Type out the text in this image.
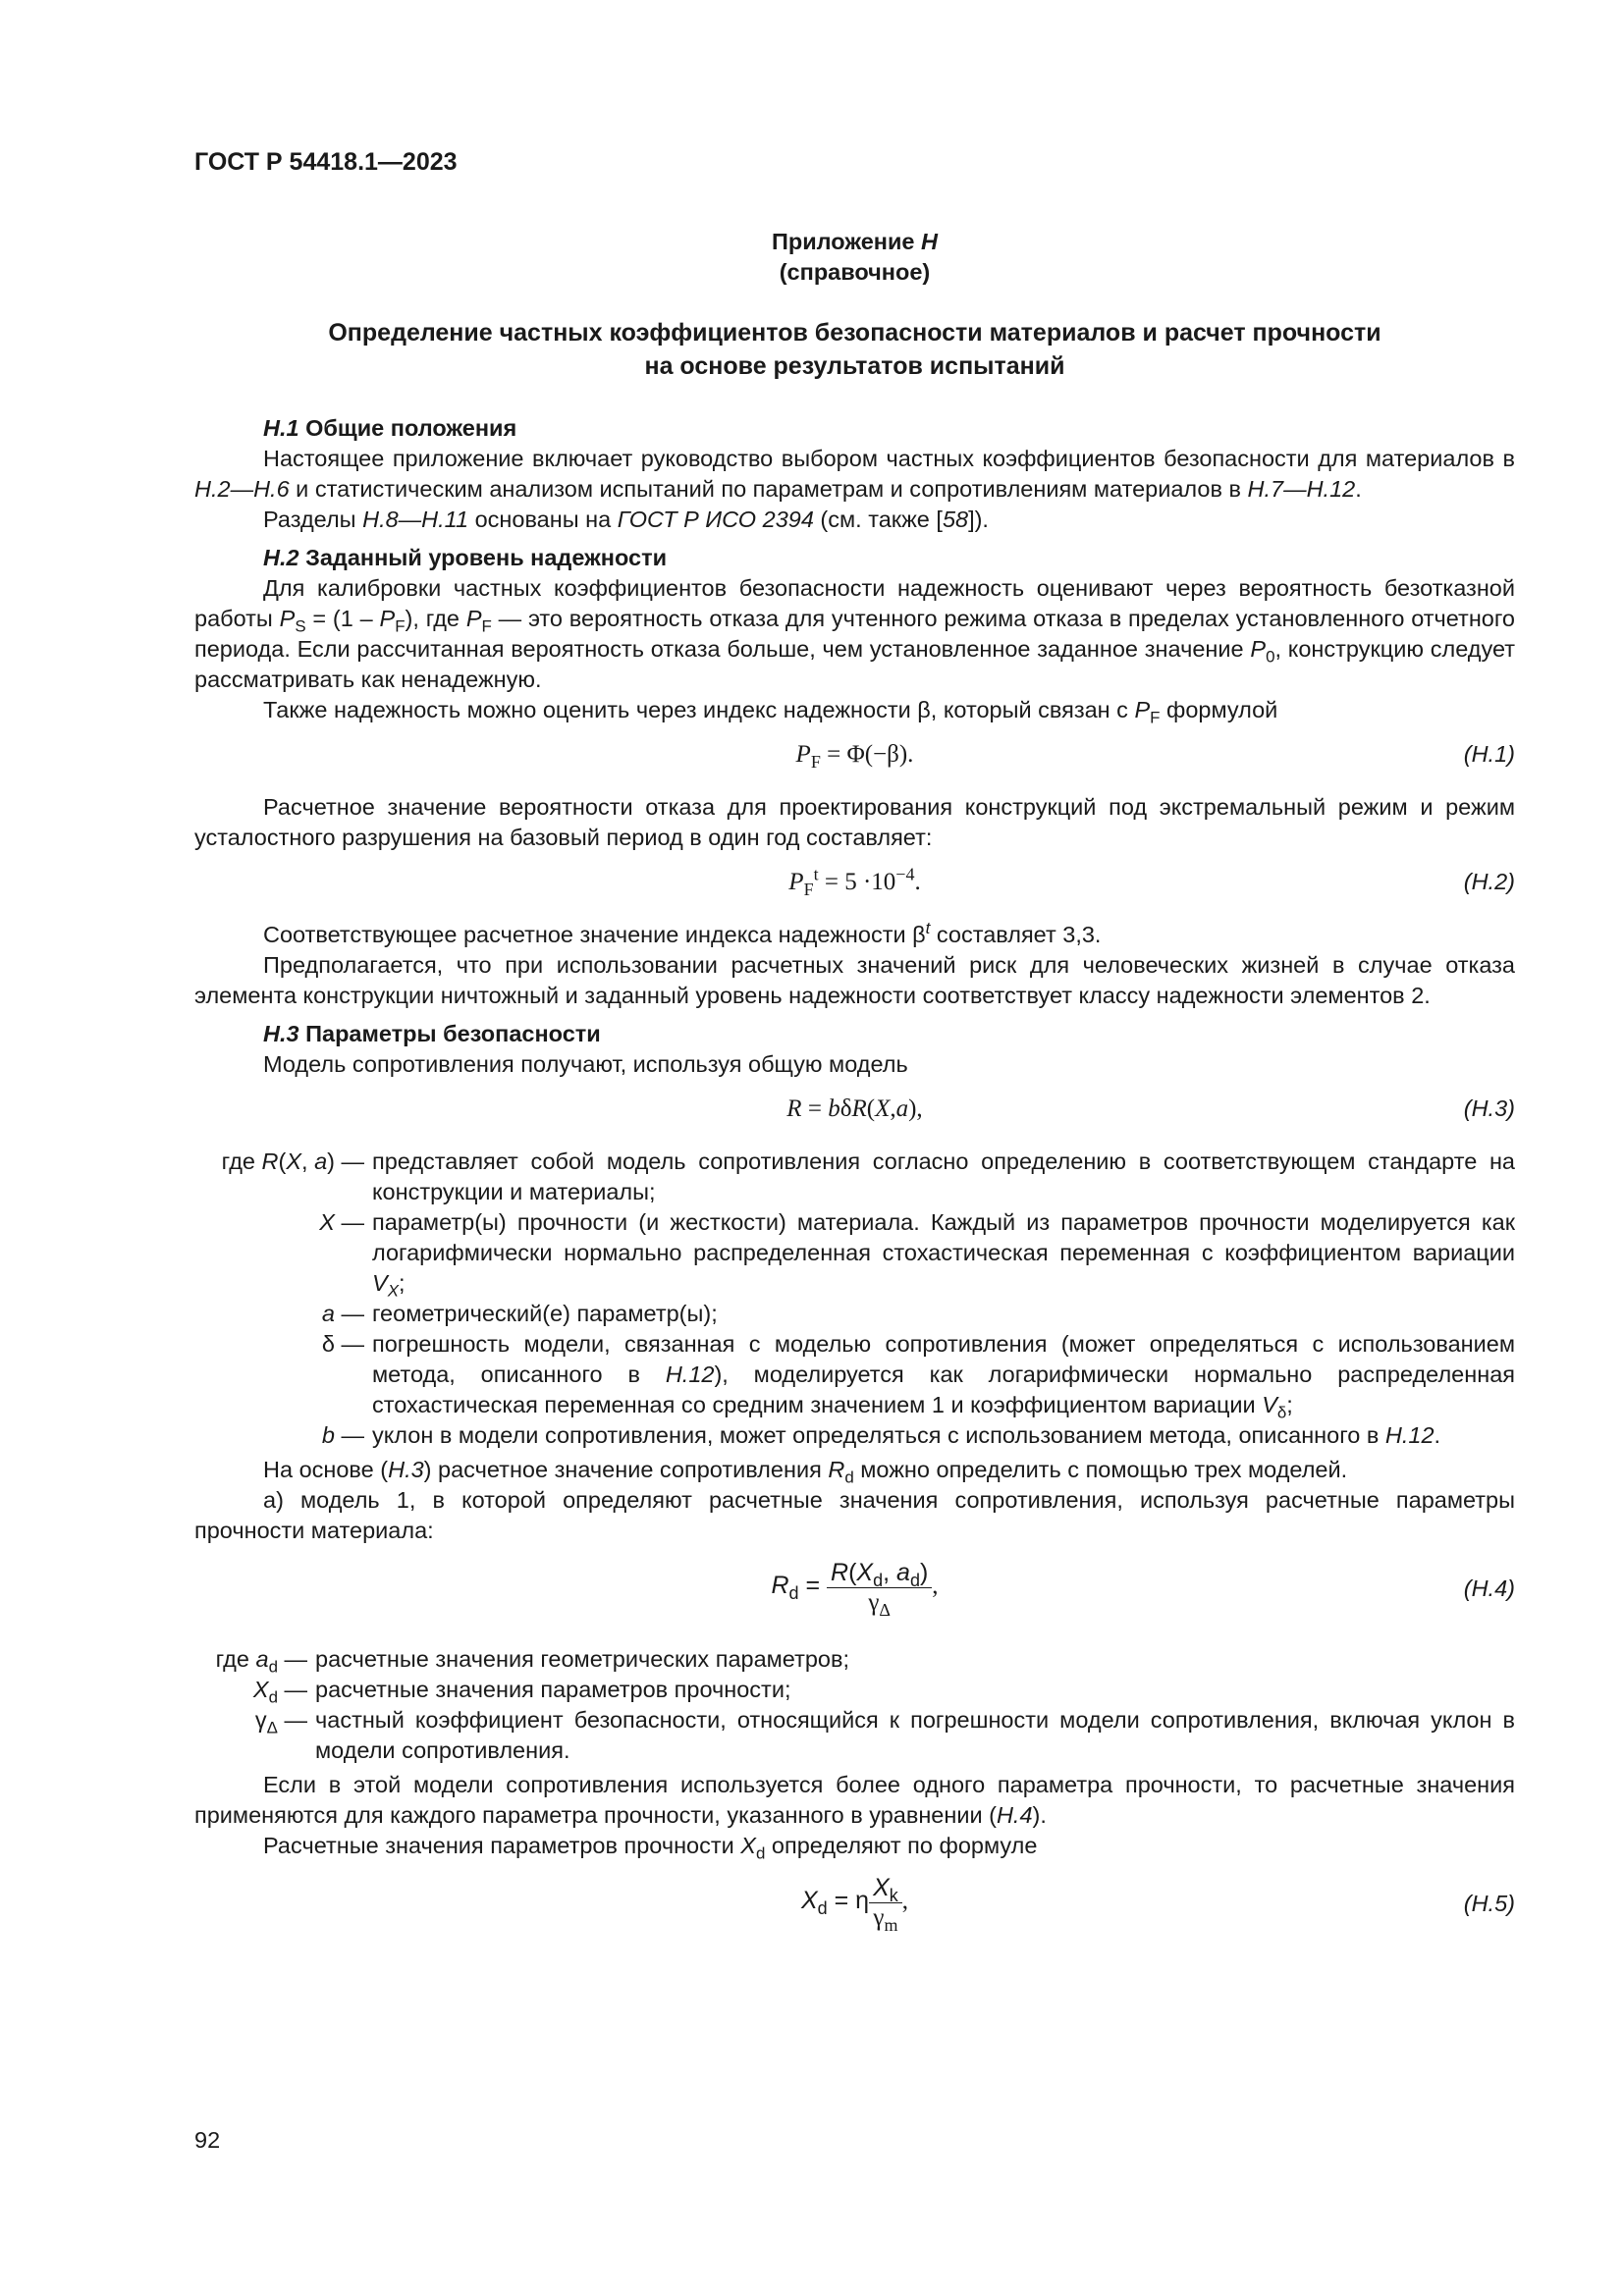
ГОСТ Р 54418.1—2023
Приложение H
(справочное)
Определение частных коэффициентов безопасности материалов и расчет прочности
на основе результатов испытаний
H.1 Общие положения
Настоящее приложение включает руководство выбором частных коэффициентов безопасности для материалов в H.2—H.6 и статистическим анализом испытаний по параметрам и сопротивлениям материалов в H.7—H.12.
Разделы H.8—H.11 основаны на ГОСТ Р ИСО 2394 (см. также [58]).
H.2 Заданный уровень надежности
Для калибровки частных коэффициентов безопасности надежность оценивают через вероятность безотказной работы $P_S = (1 - P_F)$, где $P_F$ — это вероятность отказа для учтенного режима отказа в пределах установленного отчетного периода. Если рассчитанная вероятность отказа больше, чем установленное заданное значение $P_0$, конструкцию следует рассматривать как ненадежную.
Также надежность можно оценить через индекс надежности β, который связан с $P_F$ формулой
$P_F = \Phi(-\beta)$.	(H.1)
Расчетное значение вероятности отказа для проектирования конструкций под экстремальный режим и режим усталостного разрушения на базовый период в один год составляет:
$P_F^t = 5 \cdot 10^{-4}$.	(H.2)
Соответствующее расчетное значение индекса надежности $\beta^t$ составляет 3,3.
Предполагается, что при использовании расчетных значений риск для человеческих жизней в случае отказа элемента конструкции ничтожный и заданный уровень надежности соответствует классу надежности элементов 2.
H.3 Параметры безопасности
Модель сопротивления получают, используя общую модель
R = bδR(X,a),	(H.3)
где R(X, a) — представляет собой модель сопротивления согласно определению в соответствующем стандарте на конструкции и материалы;
X — параметр(ы) прочности (и жесткости) материала. Каждый из параметров прочности моделируется как логарифмически нормально распределенная стохастическая переменная с коэффициентом вариации $V_X$;
a — геометрический(е) параметр(ы);
δ — погрешность модели, связанная с моделью сопротивления (может определяться с использованием метода, описанного в H.12), моделируется как логарифмически нормально распределенная стохастическая переменная со средним значением 1 и коэффициентом вариации $V_\delta$;
b — уклон в модели сопротивления, может определяться с использованием метода, описанного в H.12.
На основе (H.3) расчетное значение сопротивления $R_d$ можно определить с помощью трех моделей.
а) модель 1, в которой определяют расчетные значения сопротивления, используя расчетные параметры прочности материала:
$R_d = \frac{R(X_d, a_d)}{\gamma_\Delta}$ ,	(H.4)
где $a_d$ — расчетные значения геометрических параметров;
$X_d$ — расчетные значения параметров прочности;
$\gamma_\Delta$ — частный коэффициент безопасности, относящийся к погрешности модели сопротивления, включая уклон в модели сопротивления.
Если в этой модели сопротивления используется более одного параметра прочности, то расчетные значения применяются для каждого параметра прочности, указанного в уравнении (H.4).
Расчетные значения параметров прочности $X_d$ определяют по формуле
$X_d = \eta \frac{X_k}{\gamma_m}$ ,	(H.5)
92
